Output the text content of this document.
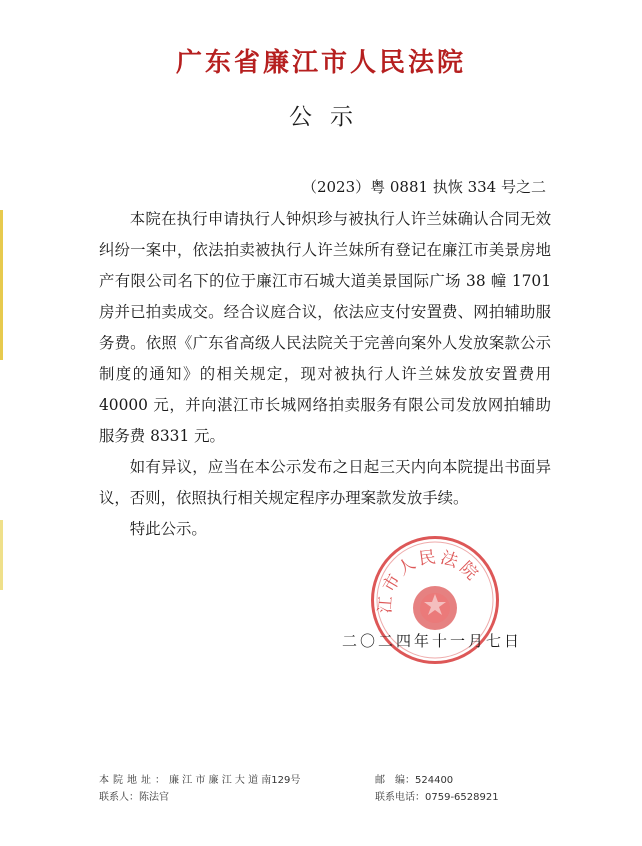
广东省廉江市人民法院
公示
（2023）粤 0881 执恢 334 号之二

本院在执行申请执行人钟炽珍与被执行人许兰妹确认合同无效纠纷一案中，依法拍卖被执行人许兰妹所有登记在廉江市美景房地产有限公司名下的位于廉江市石城大道美景国际广场 38 幢 1701 房并已拍卖成交。经合议庭合议，依法应支付安置费、网拍辅助服务费。依照《广东省高级人民法院关于完善向案外人发放案款公示制度的通知》的相关规定，现对被执行人许兰妹发放安置费用 40000 元，并向湛江市长城网络拍卖服务有限公司发放网拍辅助服务费 8331 元。

如有异议，应当在本公示发布之日起三天内向本院提出书面异议，否则，依照执行相关规定程序办理案款发放手续。

特此公示。

江市人民法院
二〇二四年十一月七日
本院地址：廉 江 市 廉 江 大 道 南129号	邮　编：524400
联系人：陈法官	联系电话：0759-6528921
